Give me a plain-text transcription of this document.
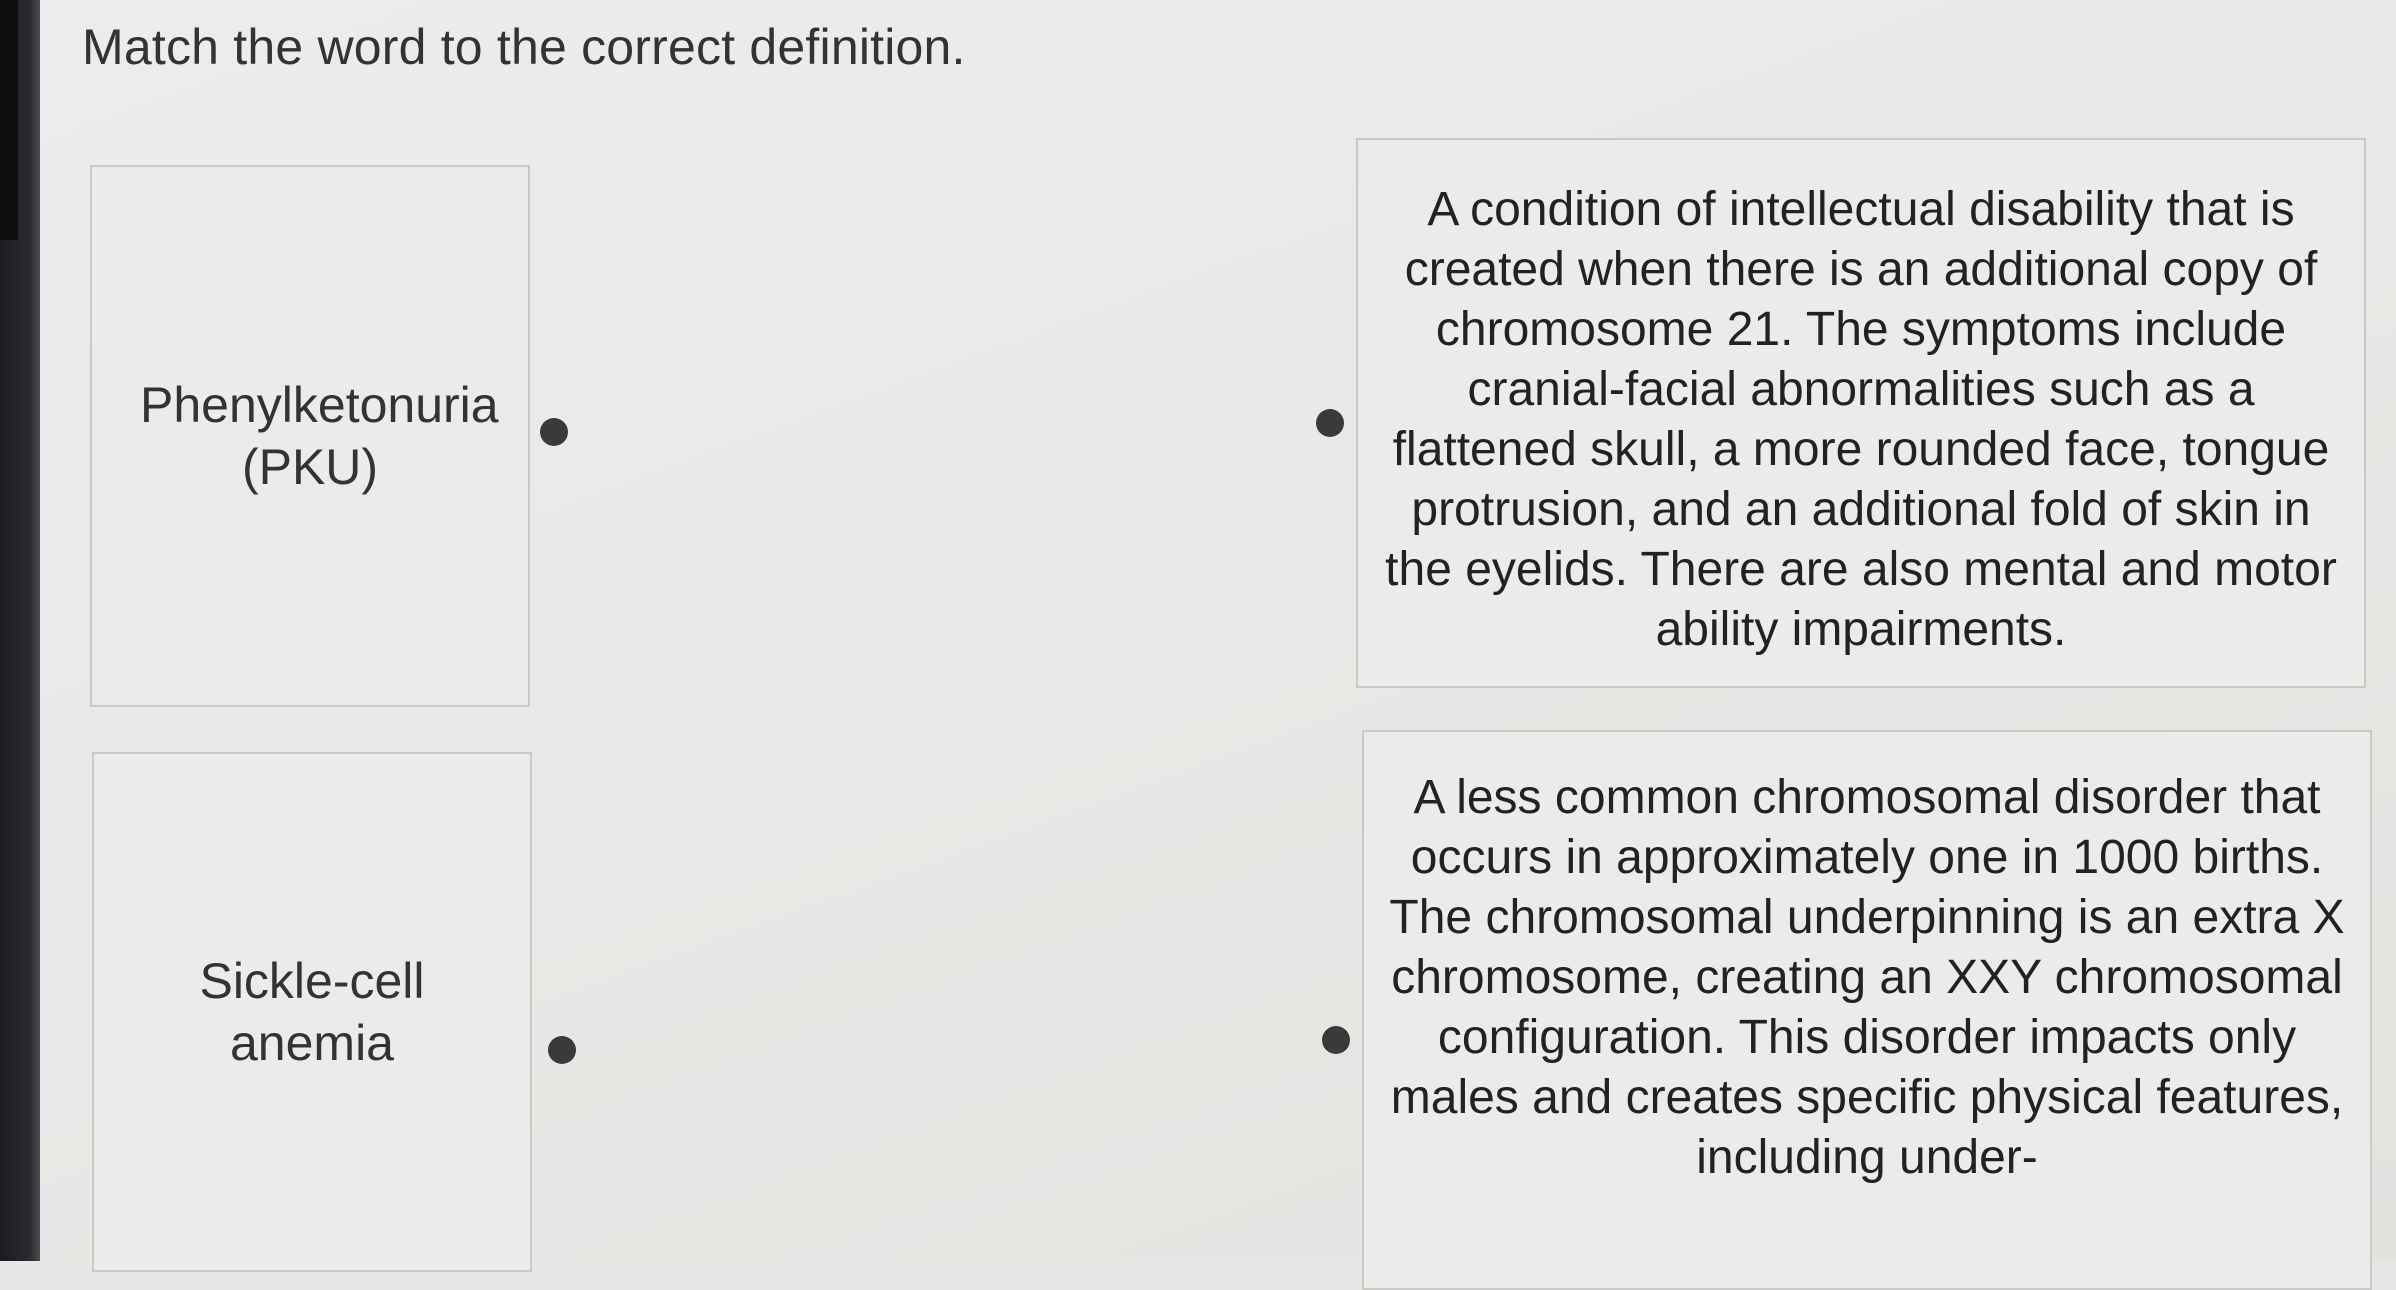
Match the word to the correct definition.
Phenylketonuria (PKU)
Sickle-cell anemia
A condition of intellectual disability that is created when there is an additional copy of chromosome 21. The symptoms include cranial-facial abnormalities such as a flattened skull, a more rounded face, tongue protrusion, and an additional fold of skin in the eyelids. There are also mental and motor ability impairments.
A less common chromosomal disorder that occurs in approximately one in 1000 births. The chromosomal underpinning is an extra X chromosome, creating an XXY chromosomal configuration. This disorder impacts only males and creates specific physical features, including under-
